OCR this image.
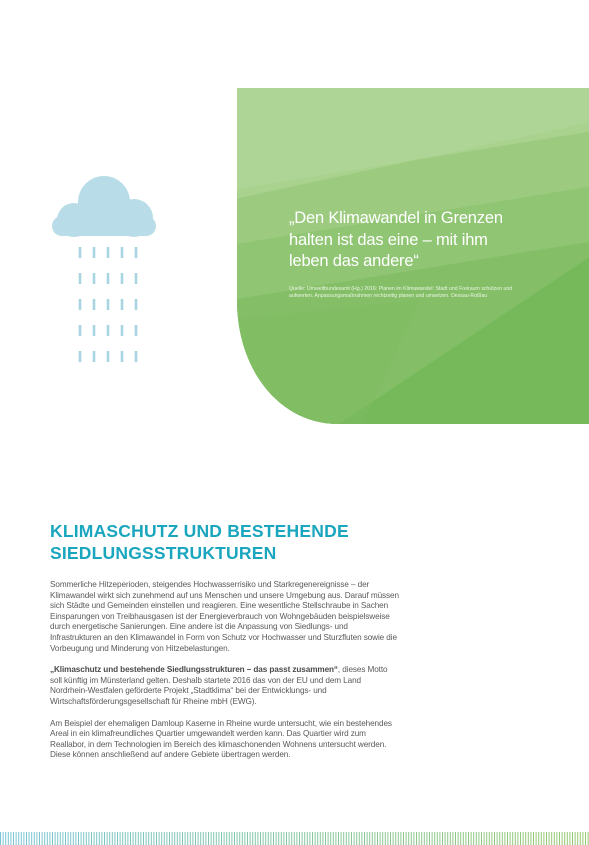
„Den Klimawandel in Grenzen
halten ist das eine – mit ihm
leben das andere“

Quelle: Umweltbundesamt (Hg.) 2016: Planen im Klimawandel: Stadt und Freiraum schützen und aufwerten. Anpassungsmaßnahmen rechtzeitig planen und umsetzen. Dessau-Roßlau
KLIMASCHUTZ UND BESTEHENDE
SIEDLUNGSSTRUKTUREN

Sommerliche Hitzeperioden, steigendes Hochwasserrisiko und Starkregenereignisse – der Klimawandel wirkt sich zunehmend auf uns Menschen und unsere Umgebung aus. Darauf müssen sich Städte und Gemeinden einstellen und reagieren. Eine wesentliche Stellschraube in Sachen Einsparungen von Treibhausgasen ist der Energieverbrauch von Wohngebäuden beispielsweise durch energetische Sanierungen. Eine andere ist die Anpassung von Siedlungs- und Infrastrukturen an den Klimawandel in Form von Schutz vor Hochwasser und Sturzfluten sowie die Vorbeugung und Minderung von Hitzebelastungen.

„Klimaschutz und bestehende Siedlungsstrukturen – das passt zusammen“, dieses Motto soll künftig im Münsterland gelten. Deshalb startete 2016 das von der EU und dem Land Nordrhein-Westfalen geförderte Projekt „Stadtklima“ bei der Entwicklungs- und Wirtschaftsförderungsgesellschaft für Rheine mbH (EWG).

Am Beispiel der ehemaligen Damloup Kaserne in Rheine wurde untersucht, wie ein bestehendes Areal in ein klimafreundliches Quartier umgewandelt werden kann. Das Quartier wird zum Reallabor, in dem Technologien im Bereich des klimaschonenden Wohnens untersucht werden. Diese können anschließend auf andere Gebiete übertragen werden.
